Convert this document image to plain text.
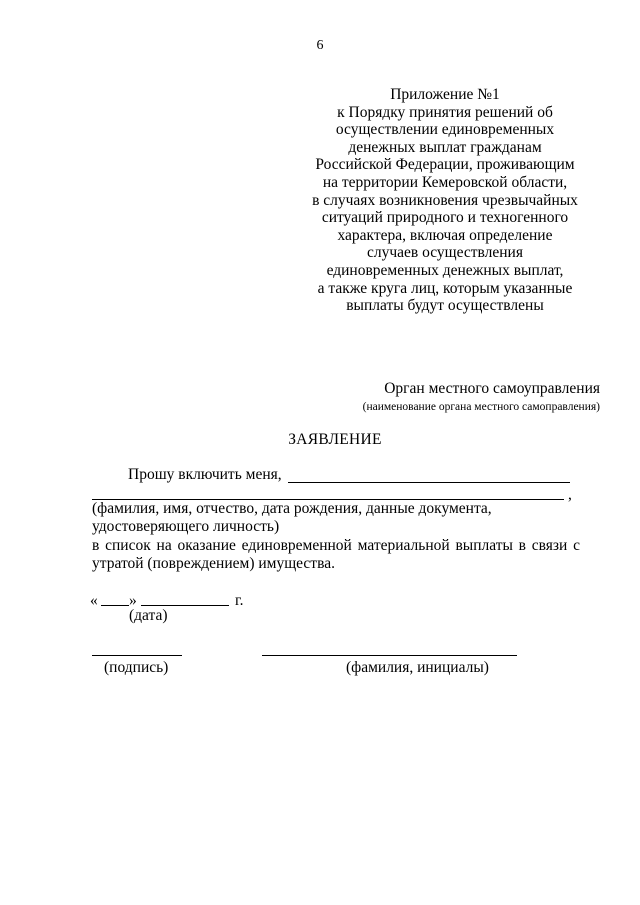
6
Приложение №1
к Порядку принятия решений об
осуществлении единовременных
денежных выплат гражданам
Российской Федерации, проживающим
на территории Кемеровской области,
в случаях возникновения чрезвычайных
ситуаций природного и техногенного
характера, включая определение
случаев осуществления
единовременных денежных выплат,
а также круга лиц, которым указанные
выплаты будут осуществлены
Орган местного самоуправления
(наименование органа местного самоправления)
ЗАЯВЛЕНИЕ
Прошу включить меня,
,
(фамилия, имя, отчество, дата рождения, данные документа,
удостоверяющего личность)
в список на оказание единовременной материальной выплаты в связи с
утратой (повреждением) имущества.
« »	г.
(дата)
(подпись)	(фамилия, инициалы)
